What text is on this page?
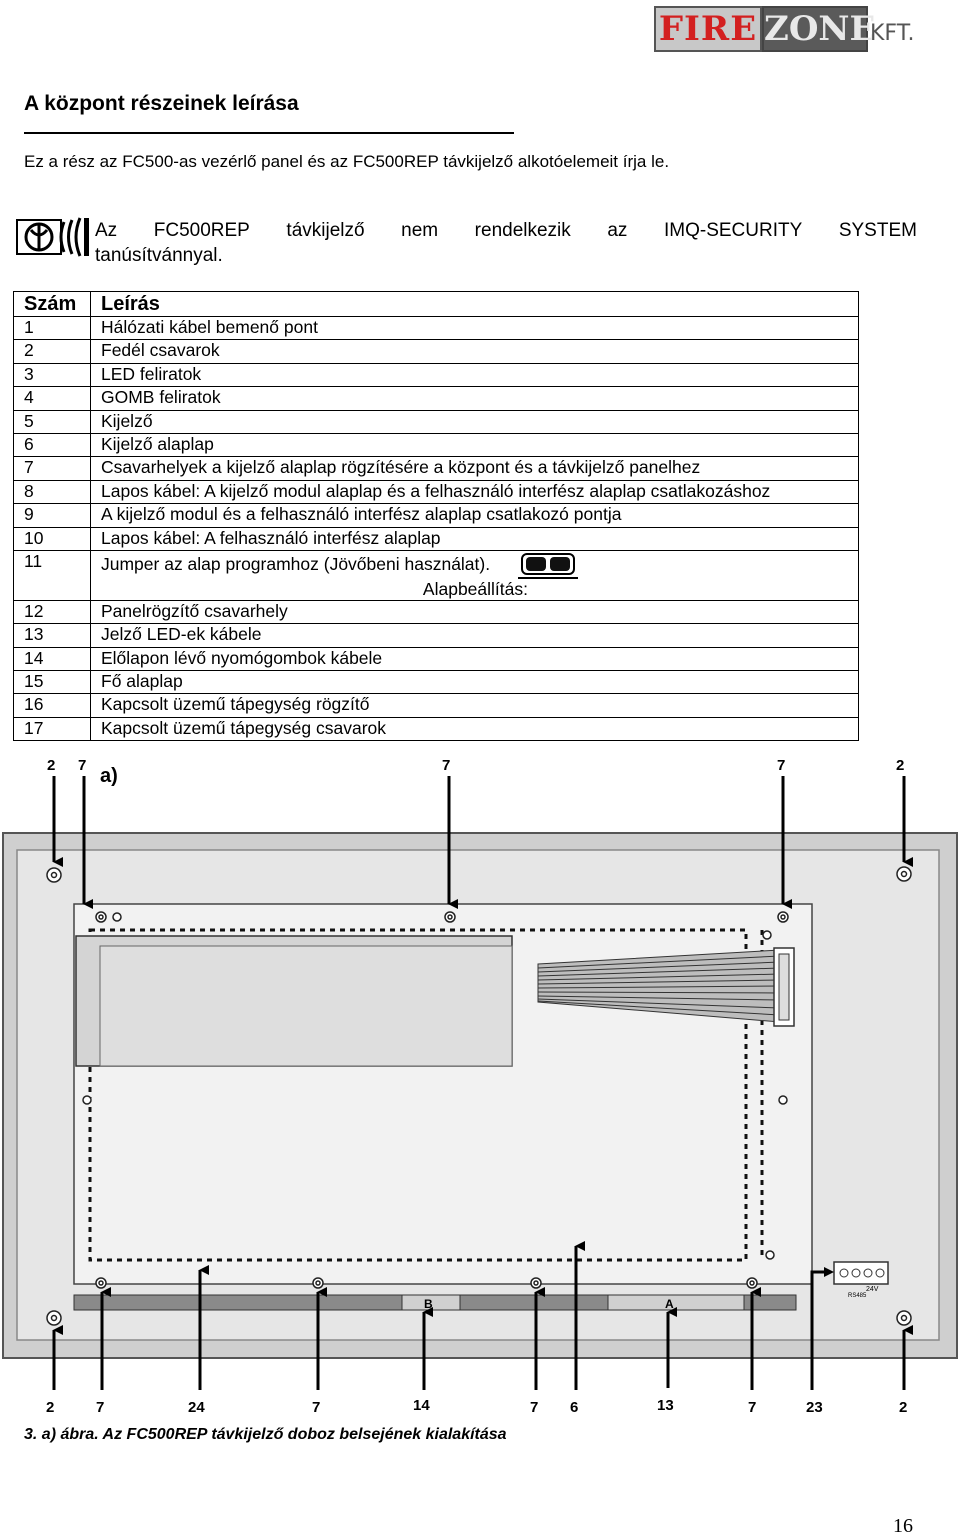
FIRE ZONE
KFT.
A központ részeinek leírása
Ez a rész az FC500-as vezérlő panel és az FC500REP távkijelző alkotóelemeit írja le.
Az FC500REP távkijelző nem rendelkezik az IMQ-SECURITY SYSTEM
tanúsítvánnyal.
Szám	Leírás
1	Hálózati kábel bemenő pont
2	Fedél csavarok
3	LED feliratok
4	GOMB feliratok
5	Kijelző
6	Kijelző alaplap
7	Csavarhelyek a kijelző alaplap rögzítésére a központ és a távkijelző panelhez
8	Lapos kábel: A kijelző modul alaplap és a felhasználó interfész alaplap csatlakozáshoz
9	A kijelző modul és a felhasználó interfész alaplap csatlakozó pontja
10	Lapos kábel: A felhasználó interfész alaplap
11	Jumper az alap programhoz (Jövőbeni használat).
Alapbeállítás:

12	Panelrögzítő csavarhely
13	Jelző LED-ek kábele
14	Előlapon lévő nyomógombok kábele
15	Fő alaplap
16	Kapcsolt üzemű tápegység rögzítő
17	Kapcsolt üzemű tápegység csavarok
B	A
24V
RS485
a)
2 7	7	7	2
2	7	24	7	14	7 6	13	7	23	2
3. a) ábra. Az FC500REP távkijelző doboz belsejének kialakítása
16
